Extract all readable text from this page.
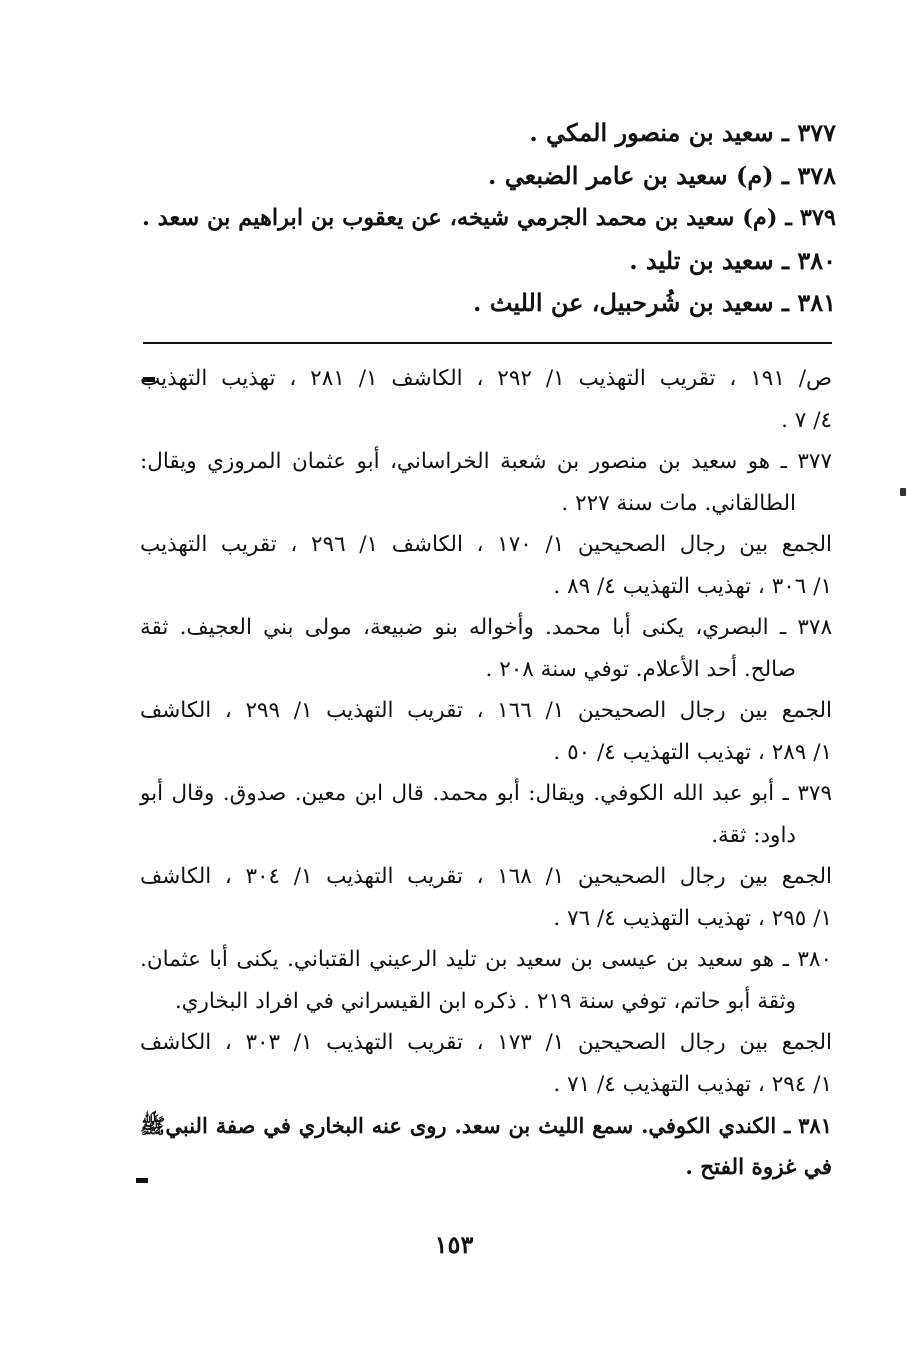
٣٧٧ ـ سعيد بن منصور المكي .
٣٧٨ ـ (م) سعيد بن عامر الضبعي .
٣٧٩ ـ (م) سعيد بن محمد الجرمي شيخه، عن يعقوب بن ابراهيم بن سعد .
٣٨٠ ـ سعيد بن تليد .
٣٨١ ـ سعيد بن شُرحبيل، عن الليث .
ص/ ١٩١ ، تقريب التهذيب ١/ ٢٩٢ ، الكاشف ١/ ٢٨١ ، تهذيب التهذيب
٤/ ٧ .
٣٧٧ ـ هو سعيد بن منصور بن شعبة الخراساني، أبو عثمان المروزي ويقال:
الطالقاني. مات سنة ٢٢٧ .
الجمع بين رجال الصحيحين ١/ ١٧٠ ، الكاشف ١/ ٢٩٦ ، تقريب التهذيب
١/ ٣٠٦ ، تهذيب التهذيب ٤/ ٨٩ .
٣٧٨ ـ البصري، يكنى أبا محمد. وأخواله بنو ضبيعة، مولى بني العجيف. ثقة
صالح. أحد الأعلام. توفي سنة ٢٠٨ .
الجمع بين رجال الصحيحين ١/ ١٦٦ ، تقريب التهذيب ١/ ٢٩٩ ، الكاشف
١/ ٢٨٩ ، تهذيب التهذيب ٤/ ٥٠ .
٣٧٩ ـ أبو عبد الله الكوفي. ويقال: أبو محمد. قال ابن معين. صدوق. وقال أبو
داود: ثقة.
الجمع بين رجال الصحيحين ١/ ١٦٨ ، تقريب التهذيب ١/ ٣٠٤ ، الكاشف
١/ ٢٩٥ ، تهذيب التهذيب ٤/ ٧٦ .
٣٨٠ ـ هو سعيد بن عيسى بن سعيد بن تليد الرعيني القتباني. يكنى أبا عثمان.
وثقة أبو حاتم، توفي سنة ٢١٩ . ذكره ابن القيسراني في افراد البخاري.
الجمع بين رجال الصحيحين ١/ ١٧٣ ، تقريب التهذيب ١/ ٣٠٣ ، الكاشف
١/ ٢٩٤ ، تهذيب التهذيب ٤/ ٧١ .
٣٨١ ـ الكندي الكوفي. سمع الليث بن سعد. روى عنه البخاري في صفة النبيﷺ
في غزوة الفتح .
١٥٣
